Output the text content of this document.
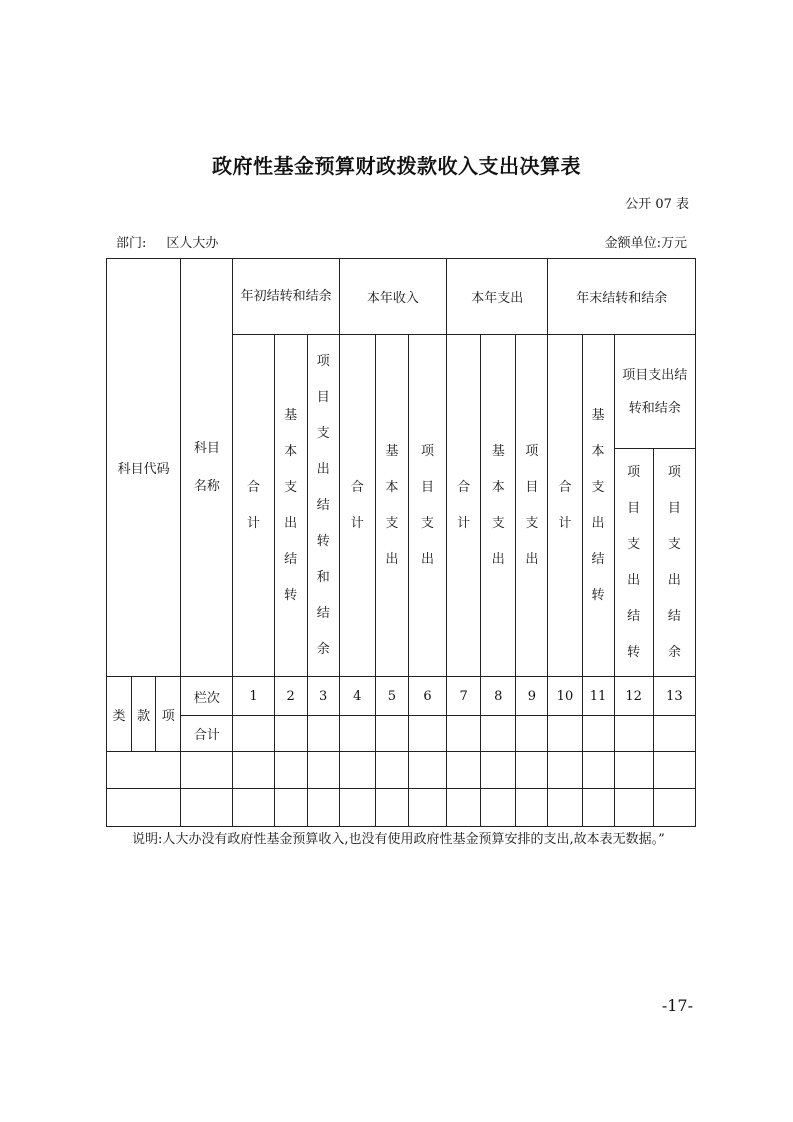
政府性基金预算财政拨款收入支出决算表
公开 07 表
部门: 区人大办	金额单位:万元
科目代码			科目名称	年初结转和结余			本年收入			本年支出			年末结转和结余			
				合计	基本支出结转	项目支出结转和结余	合计	基本支出	项目支出	合计	基本支出	项目支出	合计	基本支出结转	项目支出结转和结余	

															项目支出结转	项目支出结余
类	款	项	栏次	1	2	3	4	5	6	7	8	9	10	11	12	13
			合计													

说明:人大办没有政府性基金预算收入,也没有使用政府性基金预算安排的支出,故本表无数据。”
-17-
